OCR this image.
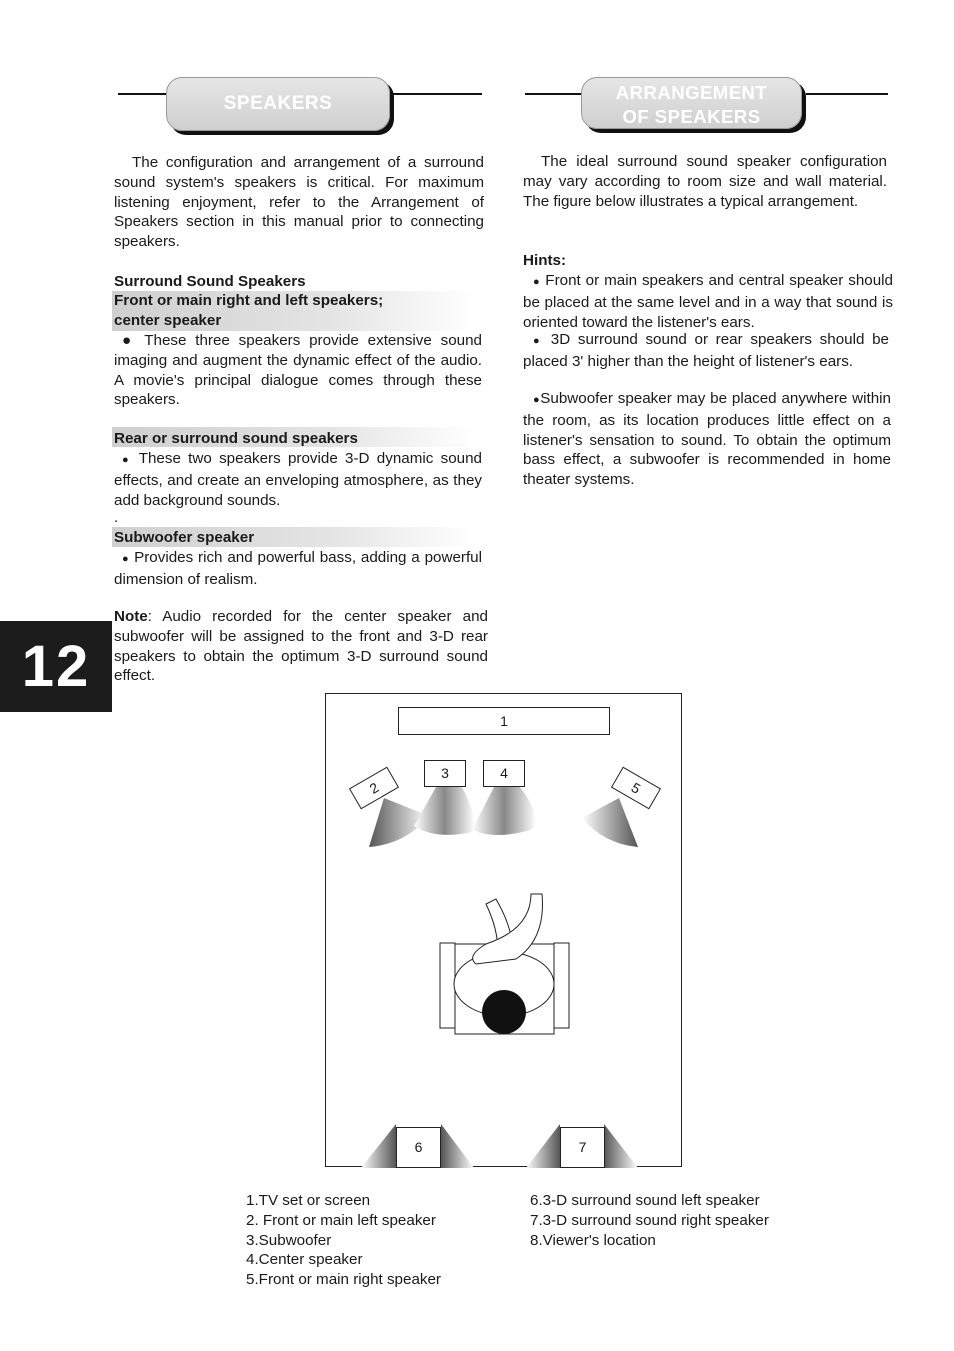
SPEAKERS
ARRANGEMENT
OF SPEAKERS
The configuration and arrangement of a surround sound system's speakers is critical. For maximum listening enjoyment, refer to the Arrangement of Speakers section in this manual prior to connecting speakers.
Surround Sound Speakers
Front or main right and left speakers;
center speaker
● These three speakers provide extensive sound imaging and augment the dynamic effect of the audio. A movie's principal dialogue comes through these speakers.
Rear or surround sound speakers
● These two speakers provide 3-D dynamic sound effects, and create an enveloping atmosphere, as they add background sounds.
.
Subwoofer speaker
● Provides rich and powerful bass, adding a powerful dimension of realism.
Note: Audio recorded for the center speaker and subwoofer will be assigned to the front and 3-D rear speakers to obtain the optimum 3-D surround sound effect.
The ideal surround sound speaker configuration may vary according to room size and wall material. The figure below illustrates a typical arrangement.
Hints:
● Front or main speakers and central speaker should be placed at the same level and in a way that sound is oriented toward the listener's ears.
● 3D surround sound or rear speakers should be placed 3' higher than the height of listener's ears.
●Subwoofer speaker may be placed anywhere within the room, as its location produces little effect on a listener's sensation to sound. To obtain the optimum bass effect, a subwoofer is recommended in home theater systems.
12
1
2
3	4
5
6	7
1.TV set or screen
2. Front or main left speaker
3.Subwoofer
4.Center speaker
5.Front or main right speaker
6.3-D surround sound left speaker
7.3-D surround sound right speaker
8.Viewer's location
